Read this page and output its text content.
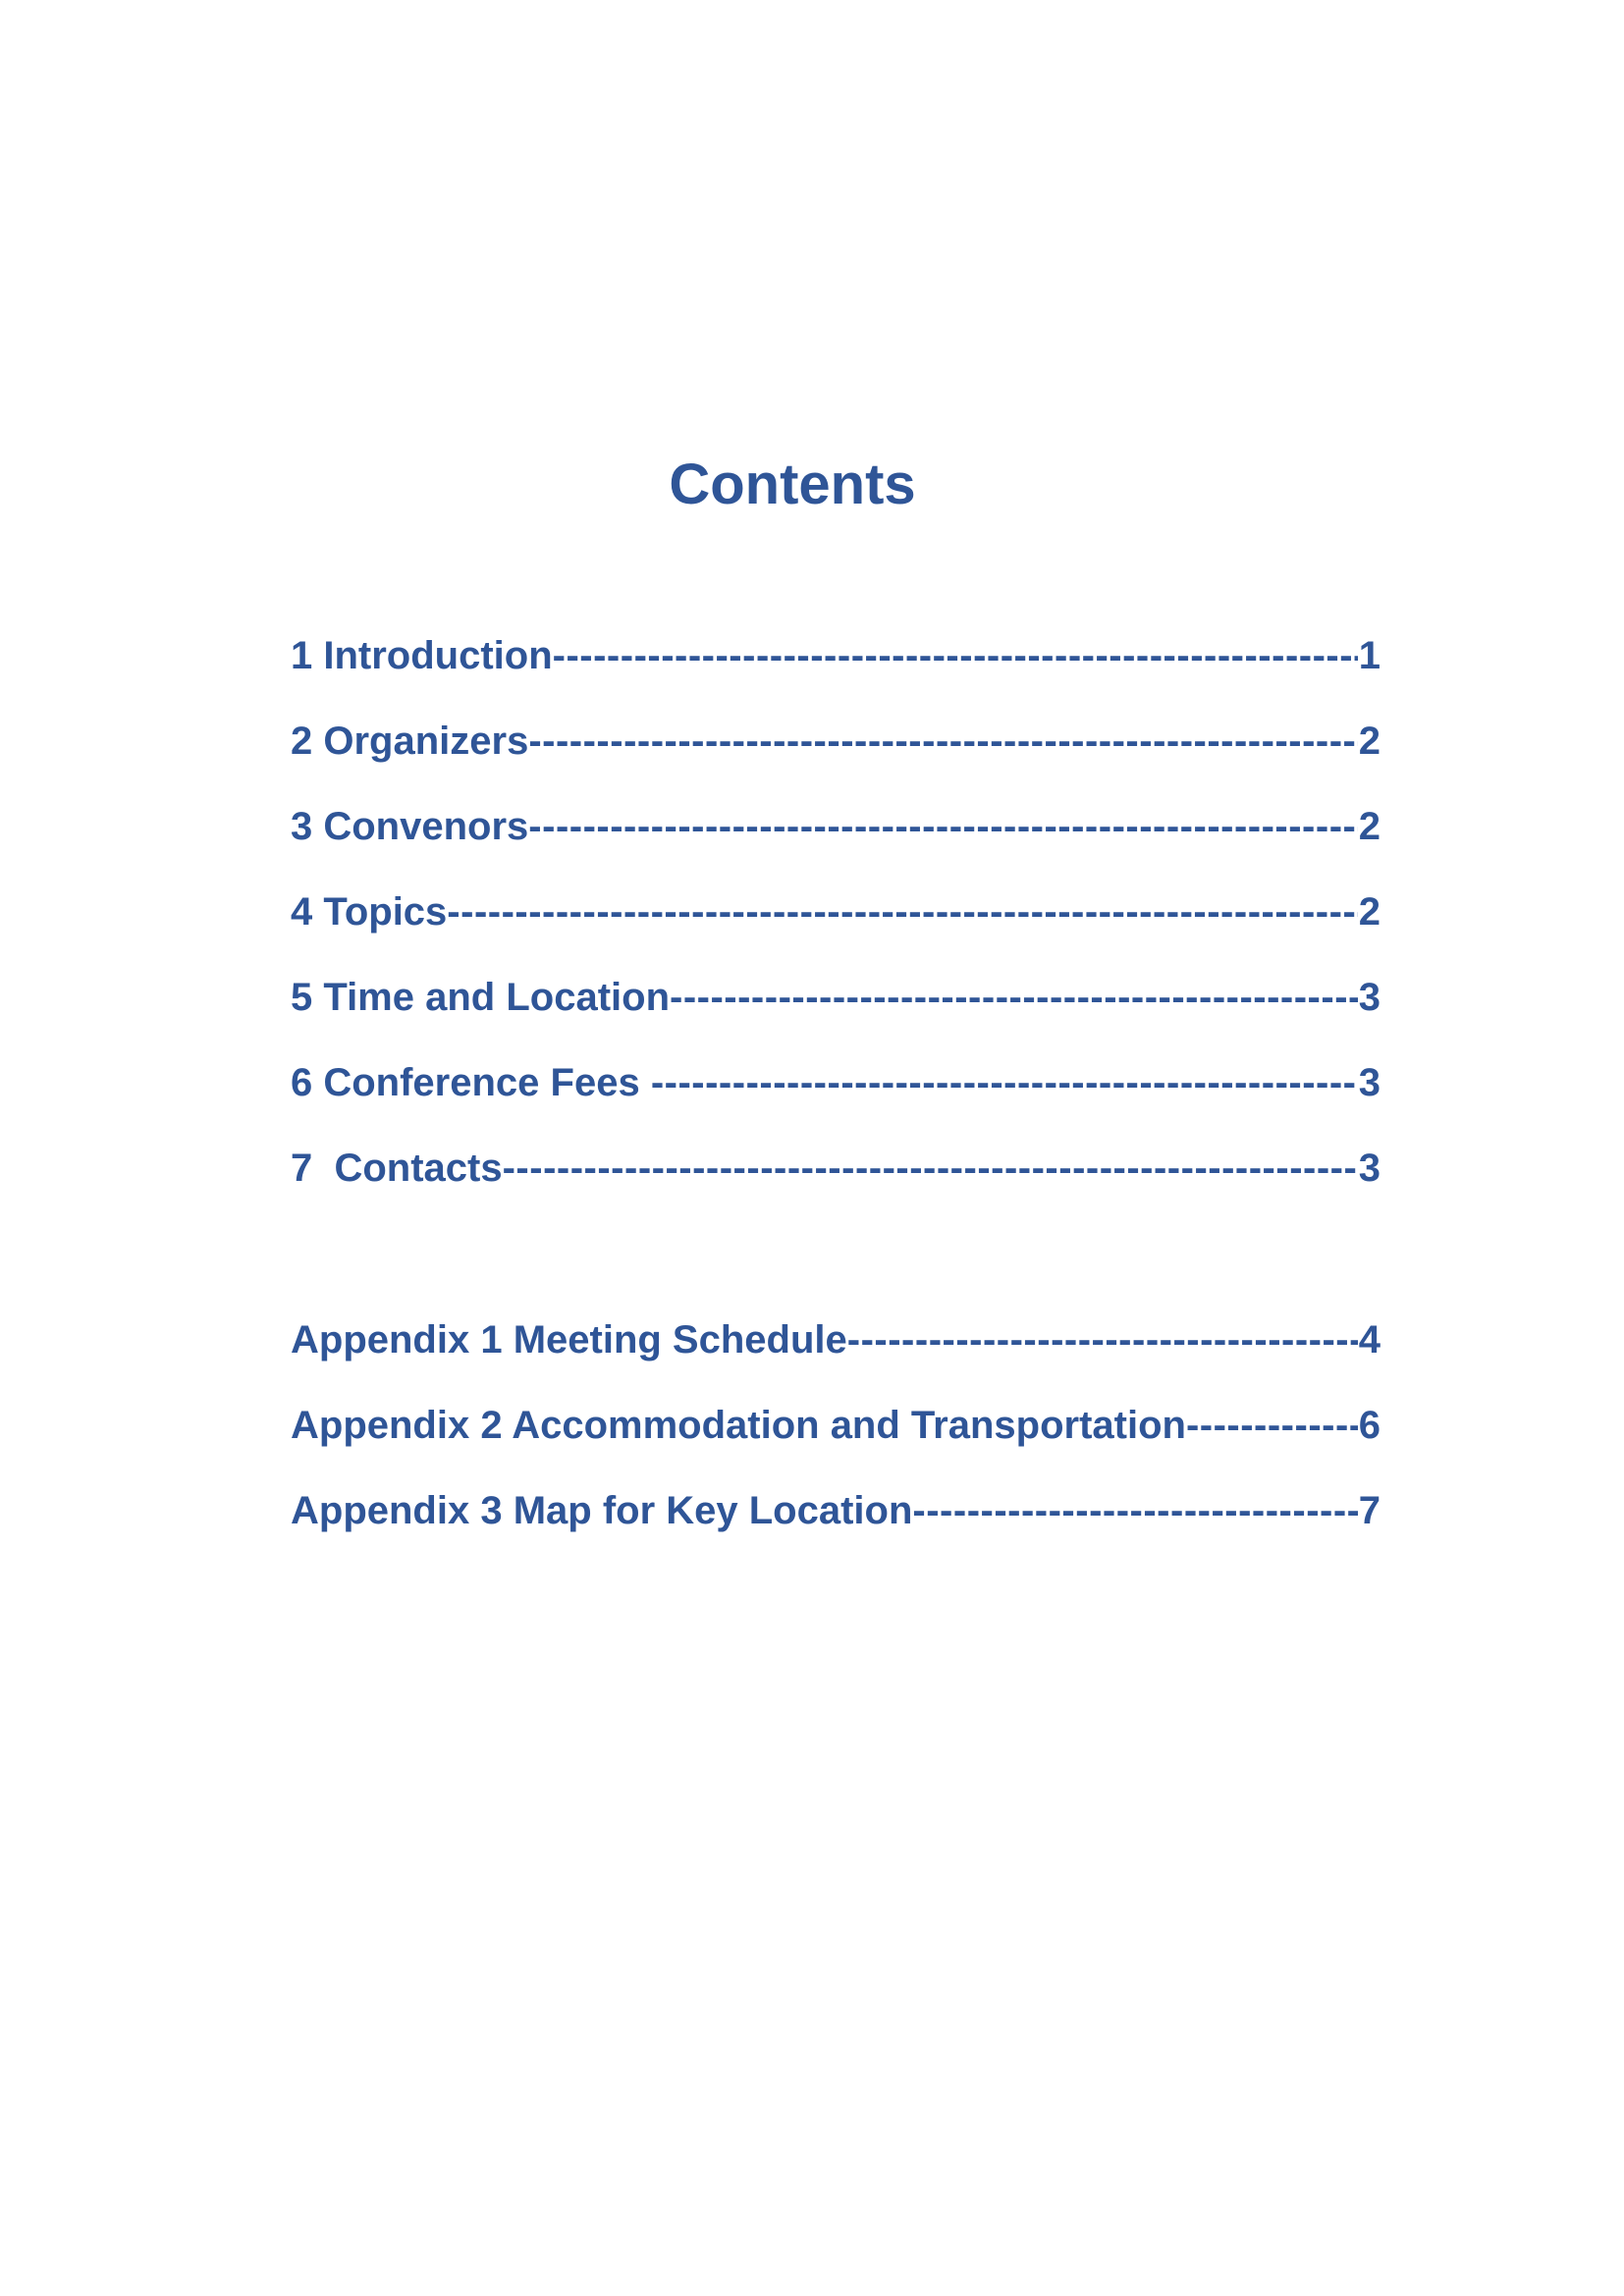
Contents
1 Introduction -----	1
2 Organizers -----	2
3 Convenors -----	2
4 Topics -----	2
5 Time and Location -----	3
6 Conference Fees -----	3
7  Contacts -----	3
Appendix 1 Meeting Schedule -----	4
Appendix 2 Accommodation and Transportation -----	6
Appendix 3 Map for Key Location -----	7
